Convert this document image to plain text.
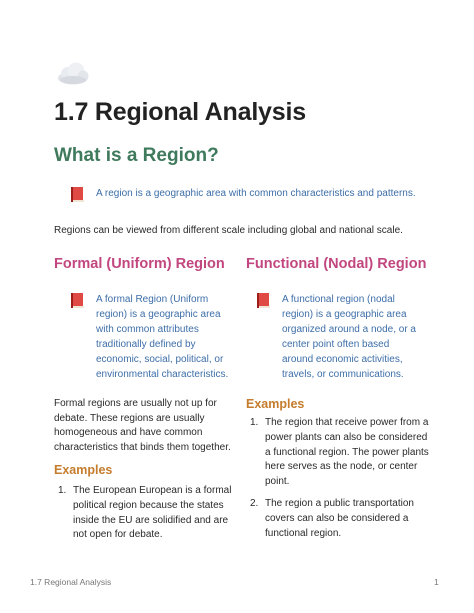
1.7 Regional Analysis
What is a Region?

A region is a geographic area with common characteristics and patterns.

Regions can be viewed from different scale including global and national scale.

Formal (Uniform) Region

A formal Region (Uniform

region) is a geographic area

with common attributes

traditionally defined by

economic, social, political, or

environmental characteristics.

Formal regions are usually not up for
debate. These regions are usually
homogeneous and have common
characteristics that binds them together.
Examples
1. The European European is a formal
political region because the states
inside the EU are solidified and are
not open for debate.
Functional (Nodal) Region

A functional region (nodal

region) is a geographic area

organized around a node, or a

center point often based

around economic activities,

travels, or communications.

Examples
1. The region that receive power from a
power plants can also be considered
a functional region. The power plants
here serves as the node, or center
point.
2. The region a public transportation
covers can also be considered a
functional region.

1.7 Regional Analysis	1
